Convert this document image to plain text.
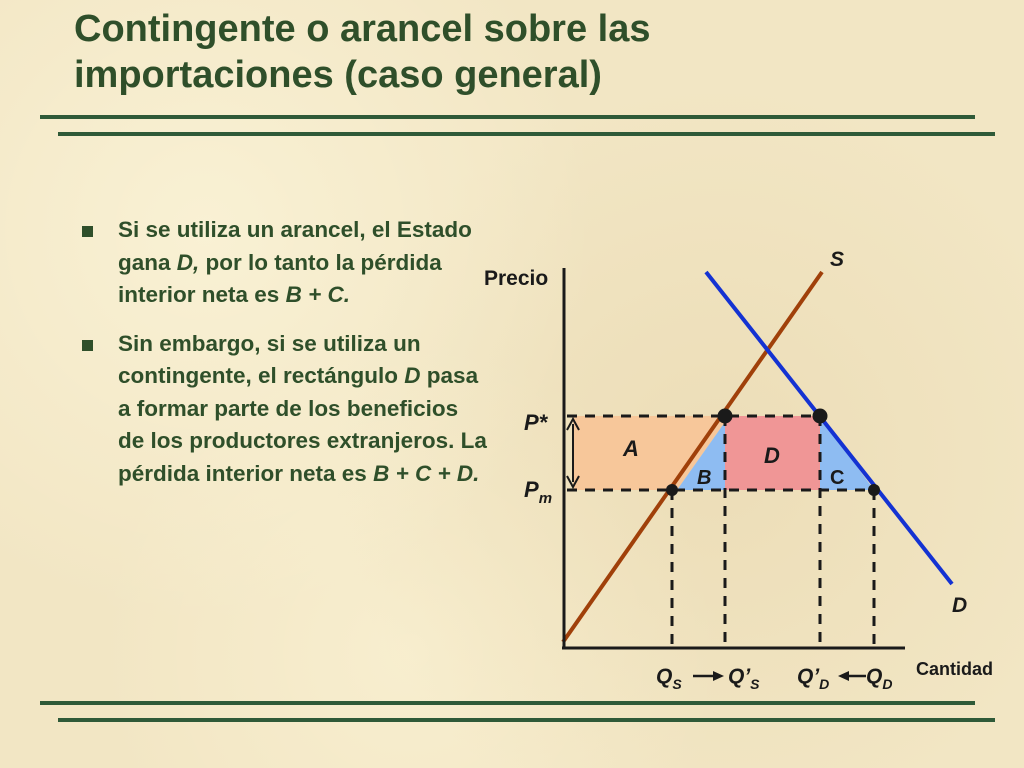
Contingente o arancel sobre las
importaciones (caso general)
Si se utiliza un arancel, el Estado gana D, por lo tanto la pérdida interior neta es B + C.
Sin embargo, si se utiliza un contingente, el rectángulo D pasa a formar parte de los beneficios de los productores extranjeros. La pérdida interior neta es B + C + D.
Precio
Cantidad
S
D
P*
$P_m$
A
B
D
C
$Q_S$ $Q’_S$ $Q’_D$ $Q_D$
